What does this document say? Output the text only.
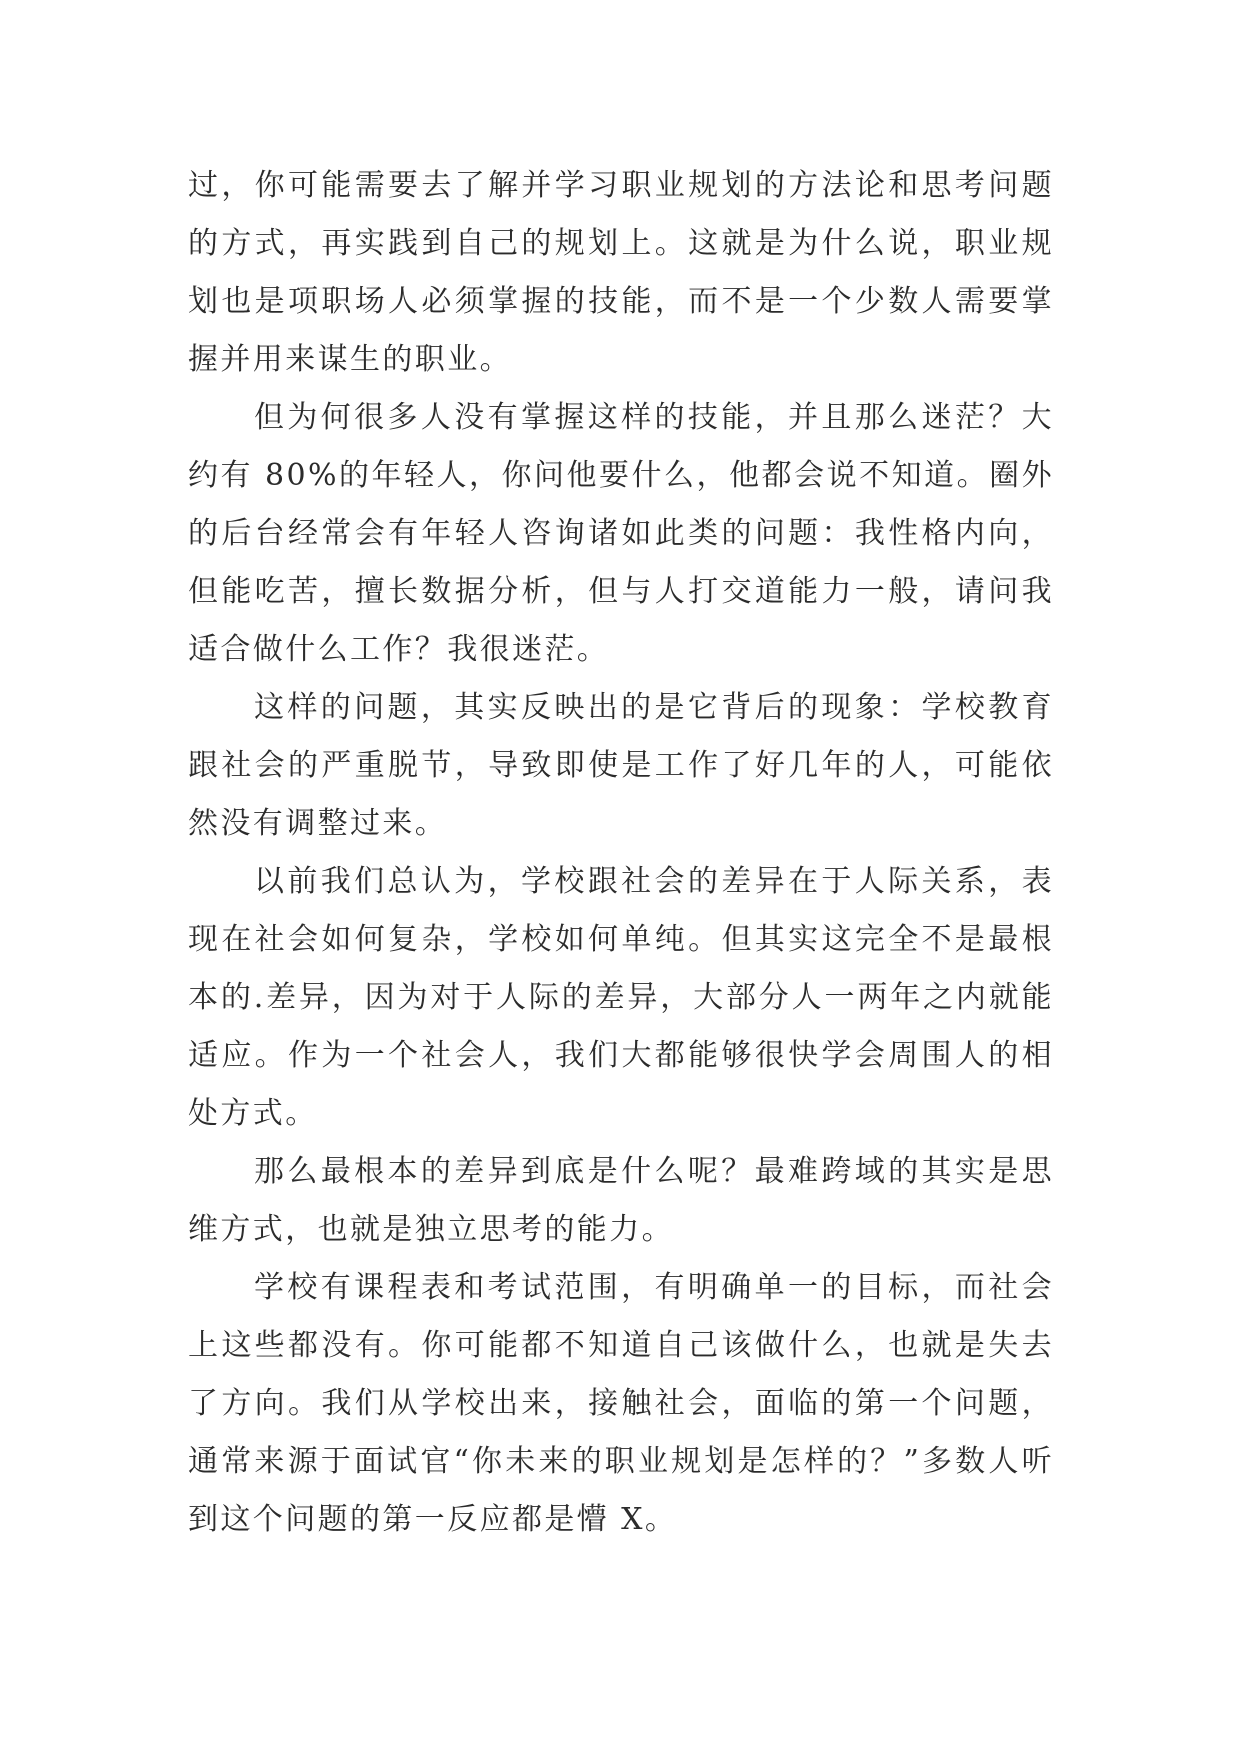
过，你可能需要去了解并学习职业规划的方法论和思考问题的方式，再实践到自己的规划上。这就是为什么说，职业规划也是项职场人必须掌握的技能，而不是一个少数人需要掌握并用来谋生的职业。

但为何很多人没有掌握这样的技能，并且那么迷茫？大约有 80%的年轻人，你问他要什么，他都会说不知道。圈外的后台经常会有年轻人咨询诸如此类的问题：我性格内向，但能吃苦，擅长数据分析，但与人打交道能力一般，请问我适合做什么工作？我很迷茫。

这样的问题，其实反映出的是它背后的现象：学校教育跟社会的严重脱节，导致即使是工作了好几年的人，可能依然没有调整过来。

以前我们总认为，学校跟社会的差异在于人际关系，表现在社会如何复杂，学校如何单纯。但其实这完全不是最根本的.差异，因为对于人际的差异，大部分人一两年之内就能适应。作为一个社会人，我们大都能够很快学会周围人的相处方式。

那么最根本的差异到底是什么呢？最难跨域的其实是思维方式，也就是独立思考的能力。

学校有课程表和考试范围，有明确单一的目标，而社会上这些都没有。你可能都不知道自己该做什么，也就是失去了方向。我们从学校出来，接触社会，面临的第一个问题，通常来源于面试官“你未来的职业规划是怎样的？”多数人听到这个问题的第一反应都是懵 X。
